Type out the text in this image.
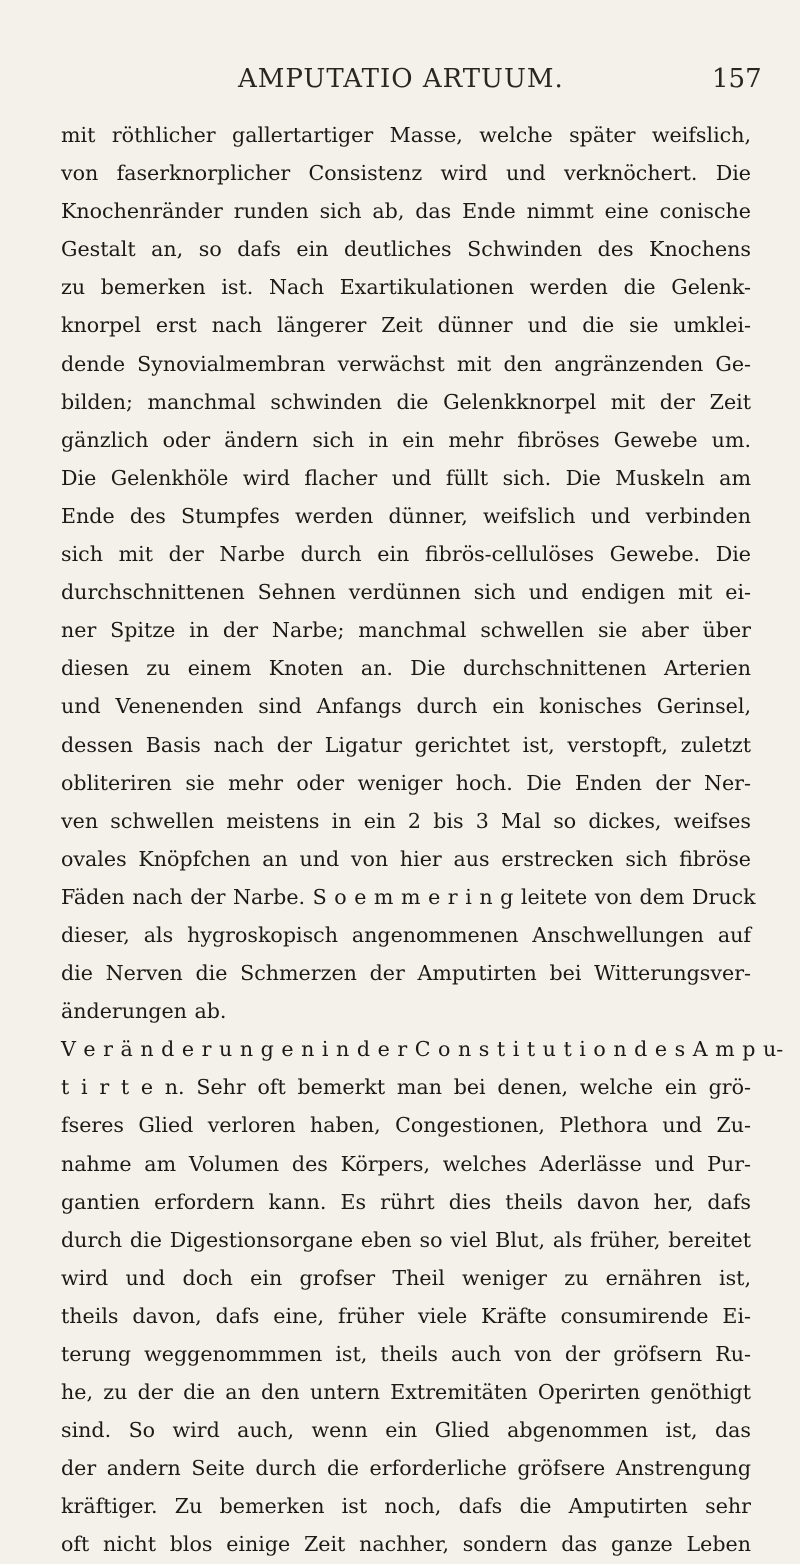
AMPUTATIO ARTUUM.	157
mit röthlicher gallertartiger Masse, welche später weifslich,
von faserknorplicher Consistenz wird und verknöchert. Die
Knochenränder runden sich ab, das Ende nimmt eine conische
Gestalt an, so dafs ein deutliches Schwinden des Knochens
zu bemerken ist. Nach Exartikulationen werden die Gelenk-
knorpel erst nach längerer Zeit dünner und die sie umklei-
dende Synovialmembran verwächst mit den angränzenden Ge-
bilden; manchmal schwinden die Gelenkknorpel mit der Zeit
gänzlich oder ändern sich in ein mehr fibröses Gewebe um.
Die Gelenkhöle wird flacher und füllt sich. Die Muskeln am
Ende des Stumpfes werden dünner, weifslich und verbinden
sich mit der Narbe durch ein fibrös-cellulöses Gewebe. Die
durchschnittenen Sehnen verdünnen sich und endigen mit ei-
ner Spitze in der Narbe; manchmal schwellen sie aber über
diesen zu einem Knoten an. Die durchschnittenen Arterien
und Venenenden sind Anfangs durch ein konisches Gerinsel,
dessen Basis nach der Ligatur gerichtet ist, verstopft, zuletzt
obliteriren sie mehr oder weniger hoch. Die Enden der Ner-
ven schwellen meistens in ein 2 bis 3 Mal so dickes, weifses
ovales Knöpfchen an und von hier aus erstrecken sich fibröse
Fäden nach der Narbe. S o e m m e r i n g leitete von dem Druck
dieser, als hygroskopisch angenommenen Anschwellungen auf
die Nerven die Schmerzen der Amputirten bei Witterungsver-
änderungen ab.
V e r ä n d e r u n g e n i n d e r C o n s t i t u t i o n d e s A m p u-
t i r t e n. Sehr oft bemerkt man bei denen, welche ein grö-
fseres Glied verloren haben, Congestionen, Plethora und Zu-
nahme am Volumen des Körpers, welches Aderlässe und Pur-
gantien erfordern kann. Es rührt dies theils davon her, dafs
durch die Digestionsorgane eben so viel Blut, als früher, bereitet
wird und doch ein grofser Theil weniger zu ernähren ist,
theils davon, dafs eine, früher viele Kräfte consumirende Ei-
terung weggenommmen ist, theils auch von der gröfsern Ru-
he, zu der die an den untern Extremitäten Operirten genöthigt
sind. So wird auch, wenn ein Glied abgenommen ist, das
der andern Seite durch die erforderliche gröfsere Anstrengung
kräftiger. Zu bemerken ist noch, dafs die Amputirten sehr
oft nicht blos einige Zeit nachher, sondern das ganze Leben
